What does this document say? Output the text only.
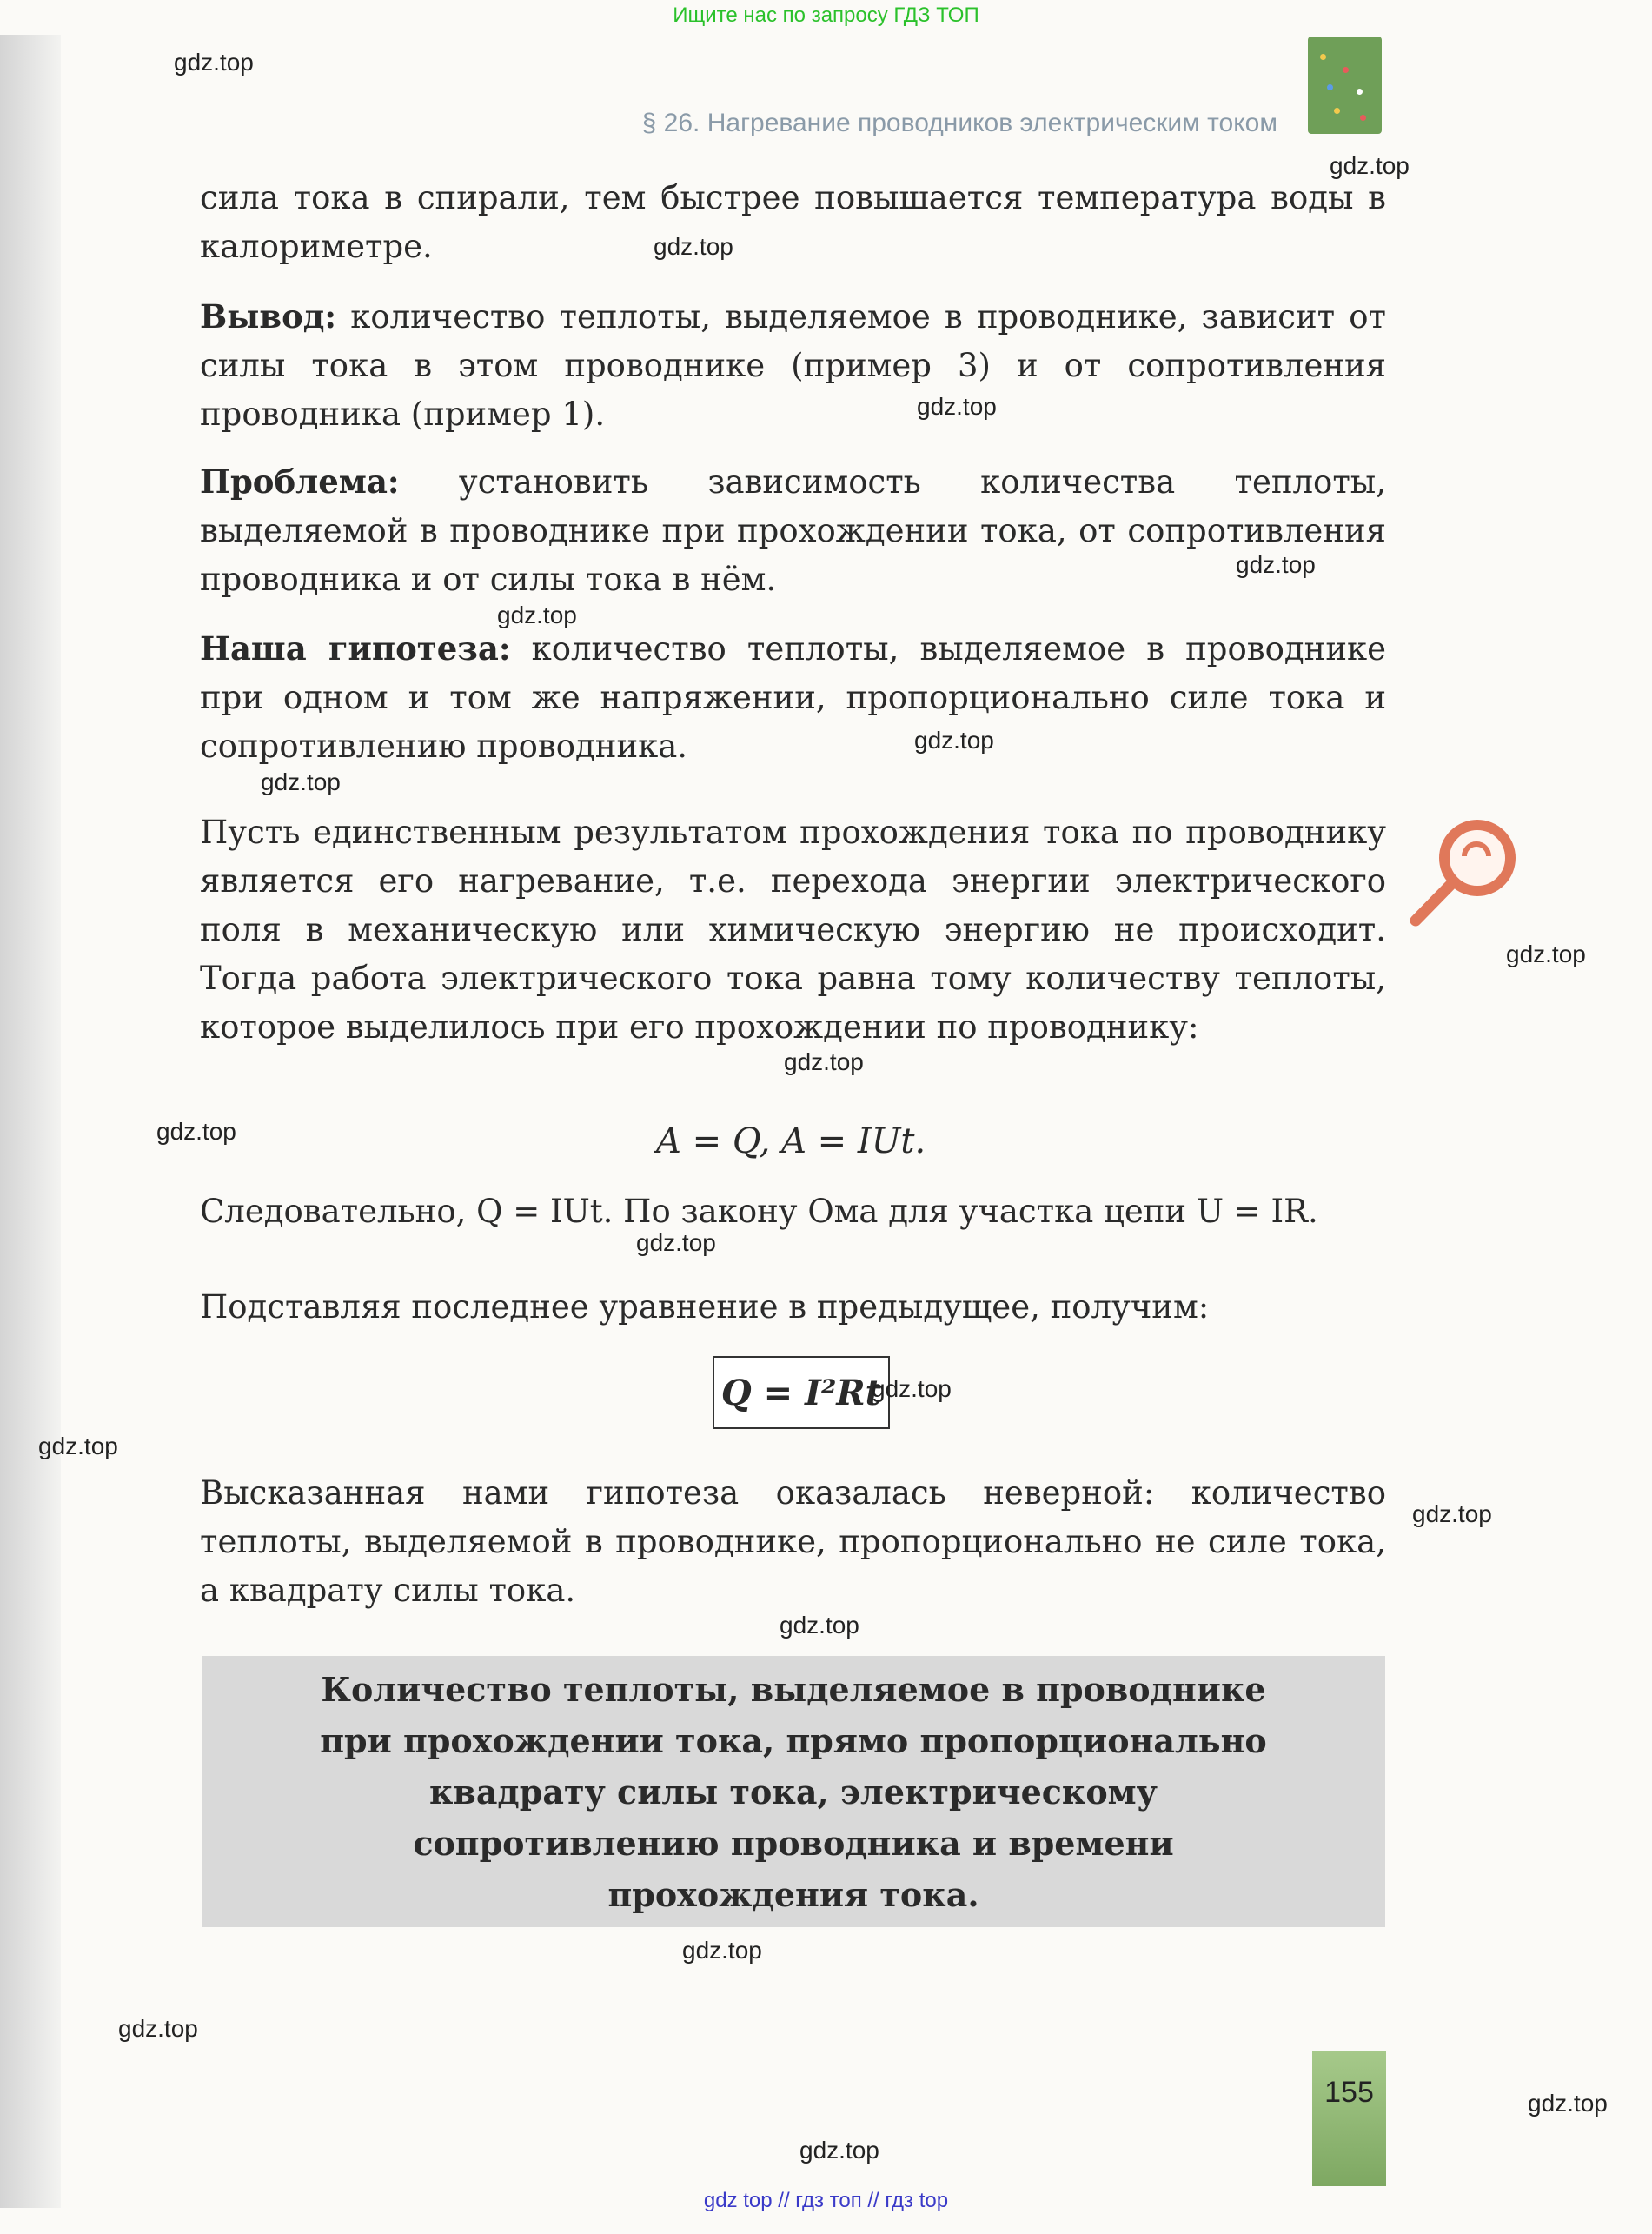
Ищите нас по запросу ГДЗ ТОП
§ 26. Нагревание проводников электрическим током

сила тока в спирали, тем быстрее повышается температура воды в калориметре.

Вывод: количество теплоты, выделяемое в проводнике, зависит от силы тока в этом проводнике (пример 3) и от сопротивления проводника (пример 1).

Проблема: установить зависимость количества теплоты, выделяемой в проводнике при прохождении тока, от сопротивления проводника и от силы тока в нём.

Наша гипотеза: количество теплоты, выделяемое в проводнике при одном и том же напряжении, пропорционально силе тока и сопротивлению проводника.

Пусть единственным результатом прохождения тока по проводнику является его нагревание, т.е. перехода энергии электрического поля в механическую или химическую энергию не происходит. Тогда работа электрического тока равна тому количеству теплоты, которое выделилось при его прохождении по проводнику:

A = Q, A = IUt.

Следовательно, Q = IUt. По закону Ома для участка цепи U = IR.

Подставляя последнее уравнение в предыдущее, получим:

Q = I²Rt

Высказанная нами гипотеза оказалась неверной: количество теплоты, выделяемой в проводнике, пропорционально не силе тока, а квадрату силы тока.

Количество теплоты, выделяемое в проводнике при прохождении тока, прямо пропорционально квадрату силы тока, электрическому сопротивлению проводника и времени прохождения тока.
gdz.top
gdz.top
gdz.top
gdz.top
gdz.top
gdz.top
gdz.top
gdz.top
gdz.top
gdz.top
gdz.top
gdz.top
gdz.top
gdz.top
gdz.top
gdz.top
gdz.top
gdz.top
gdz.top
gdz.top
155
gdz top // гдз топ // гдз top
